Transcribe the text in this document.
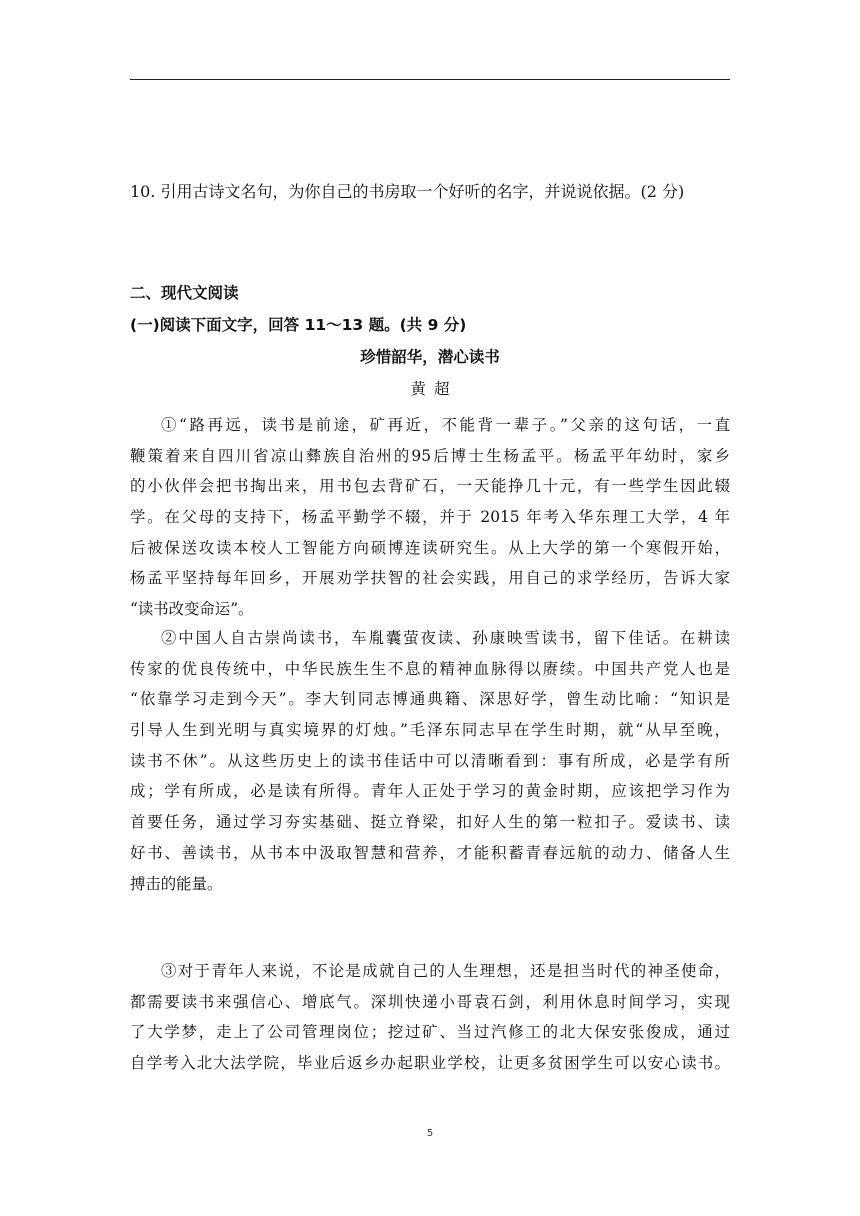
10. 引用古诗文名句，为你自己的书房取一个好听的名字，并说说依据。(2 分)
二、现代文阅读
(一)阅读下面文字，回答 11～13 题。(共 9 分)
珍惜韶华，潜心读书
黄超
①“路再远，读书是前途，矿再近，不能背一辈子。”父亲的这句话，一直
鞭策着来自四川省凉山彝族自治州的95后博士生杨孟平。杨孟平年幼时，家乡
的小伙伴会把书掏出来，用书包去背矿石，一天能挣几十元，有一些学生因此辍
学。在父母的支持下，杨孟平勤学不辍，并于 2015 年考入华东理工大学，4 年
后被保送攻读本校人工智能方向硕博连读研究生。从上大学的第一个寒假开始，
杨孟平坚持每年回乡，开展劝学扶智的社会实践，用自己的求学经历，告诉大家
“读书改变命运”。
②中国人自古崇尚读书，车胤囊萤夜读、孙康映雪读书，留下佳话。在耕读
传家的优良传统中，中华民族生生不息的精神血脉得以赓续。中国共产党人也是
“依靠学习走到今天”。李大钊同志博通典籍、深思好学，曾生动比喻：“知识是
引导人生到光明与真实境界的灯烛。”毛泽东同志早在学生时期，就“从早至晚，
读书不休”。从这些历史上的读书佳话中可以清晰看到：事有所成，必是学有所
成；学有所成，必是读有所得。青年人正处于学习的黄金时期，应该把学习作为
首要任务，通过学习夯实基础、挺立脊梁，扣好人生的第一粒扣子。爱读书、读
好书、善读书，从书本中汲取智慧和营养，才能积蓄青春远航的动力、储备人生
搏击的能量。
③对于青年人来说，不论是成就自己的人生理想，还是担当时代的神圣使命，
都需要读书来强信心、增底气。深圳快递小哥袁石剑，利用休息时间学习，实现
了大学梦，走上了公司管理岗位；挖过矿、当过汽修工的北大保安张俊成，通过
自学考入北大法学院，毕业后返乡办起职业学校，让更多贫困学生可以安心读书。
5
